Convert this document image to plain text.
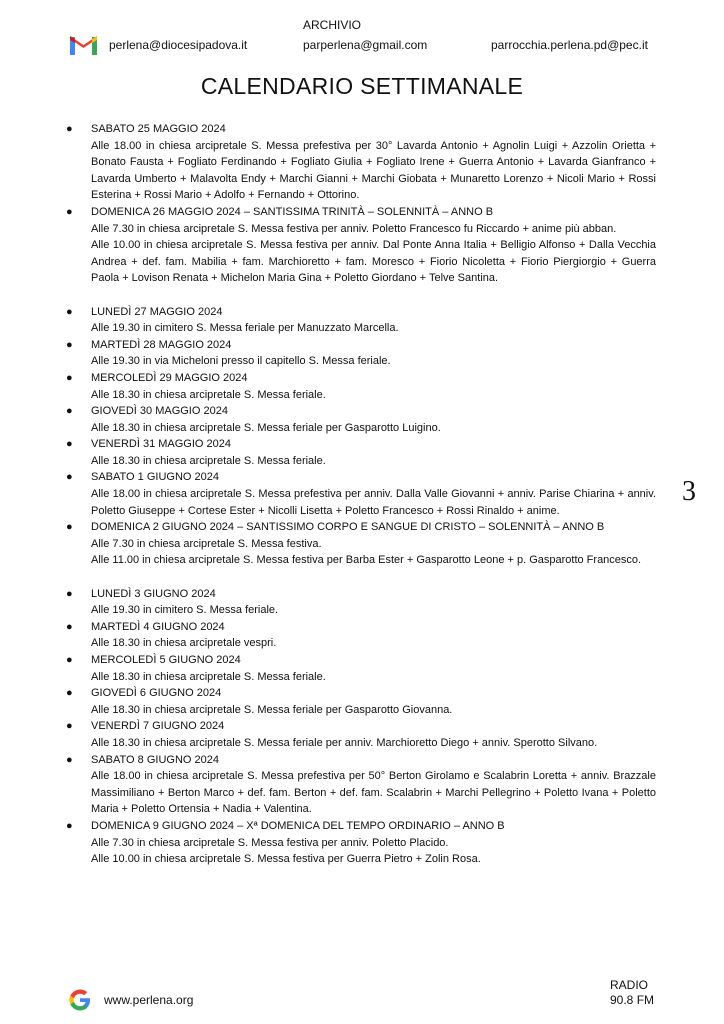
ARCHIVIO
perlena@diocesipadova.it	parperlena@gmail.com	parrocchia.perlena.pd@pec.it
CALENDARIO SETTIMANALE
● SABATO 25 MAGGIO 2024

Alle 18.00 in chiesa arcipretale S. Messa prefestiva per 30° Lavarda Antonio + Agnolin Luigi + Azzolin Orietta + Bonato Fausta + Fogliato Ferdinando + Fogliato Giulia + Fogliato Irene + Guerra Antonio + Lavarda Gianfranco + Lavarda Umberto + Malavolta Endy + Marchi Gianni + Marchi Giobata + Munaretto Lorenzo + Nicoli Mario + Rossi Esterina + Rossi Mario + Adolfo + Fernando + Ottorino.

● DOMENICA 26 MAGGIO 2024 – SANTISSIMA TRINITÀ – SOLENNITÀ – ANNO B

Alle 7.30 in chiesa arcipretale S. Messa festiva per anniv. Poletto Francesco fu Riccardo + anime più abban.

Alle 10.00 in chiesa arcipretale S. Messa festiva per anniv. Dal Ponte Anna Italia + Belligio Alfonso + Dalla Vecchia Andrea + def. fam. Mabilia + fam. Marchioretto + fam. Moresco + Fiorio Nicoletta + Fiorio Piergiorgio + Guerra Paola + Lovison Renata + Michelon Maria Gina + Poletto Giordano + Telve Santina.

● LUNEDÌ 27 MAGGIO 2024

Alle 19.30 in cimitero S. Messa feriale per Manuzzato Marcella.

● MARTEDÌ 28 MAGGIO 2024

Alle 19.30 in via Micheloni presso il capitello S. Messa feriale.

● MERCOLEDÌ 29 MAGGIO 2024

Alle 18.30 in chiesa arcipretale S. Messa feriale.

● GIOVEDÌ 30 MAGGIO 2024

Alle 18.30 in chiesa arcipretale S. Messa feriale per Gasparotto Luigino.

● VENERDÌ 31 MAGGIO 2024

Alle 18.30 in chiesa arcipretale S. Messa feriale.

● SABATO 1 GIUGNO 2024

Alle 18.00 in chiesa arcipretale S. Messa prefestiva per anniv. Dalla Valle Giovanni + anniv. Parise Chiarina + anniv. Poletto Giuseppe + Cortese Ester + Nicolli Lisetta + Poletto Francesco + Rossi Rinaldo + anime.

● DOMENICA 2 GIUGNO 2024 – SANTISSIMO CORPO E SANGUE DI CRISTO – SOLENNITÀ – ANNO B

Alle 7.30 in chiesa arcipretale S. Messa festiva.

Alle 11.00 in chiesa arcipretale S. Messa festiva per Barba Ester + Gasparotto Leone + p. Gasparotto Francesco.

● LUNEDÌ 3 GIUGNO 2024

Alle 19.30 in cimitero S. Messa feriale.

● MARTEDÌ 4 GIUGNO 2024

Alle 18.30 in chiesa arcipretale vespri.

● MERCOLEDÌ 5 GIUGNO 2024

Alle 18.30 in chiesa arcipretale S. Messa feriale.

● GIOVEDÌ 6 GIUGNO 2024

Alle 18.30 in chiesa arcipretale S. Messa feriale per Gasparotto Giovanna.

● VENERDÌ 7 GIUGNO 2024

Alle 18.30 in chiesa arcipretale S. Messa feriale per anniv. Marchioretto Diego + anniv. Sperotto Silvano.

● SABATO 8 GIUGNO 2024

Alle 18.00 in chiesa arcipretale S. Messa prefestiva per 50° Berton Girolamo e Scalabrin Loretta + anniv. Brazzale Massimiliano + Berton Marco + def. fam. Berton + def. fam. Scalabrin + Marchi Pellegrino + Poletto Ivana + Poletto Maria + Poletto Ortensia + Nadia + Valentina.

● DOMENICA 9 GIUGNO 2024 – Xª DOMENICA DEL TEMPO ORDINARIO – ANNO B

Alle 7.30 in chiesa arcipretale S. Messa festiva per anniv. Poletto Placido.

Alle 10.00 in chiesa arcipretale S. Messa festiva per Guerra Pietro + Zolin Rosa.

3
www.perlena.org
RADIO
90.8 FM
